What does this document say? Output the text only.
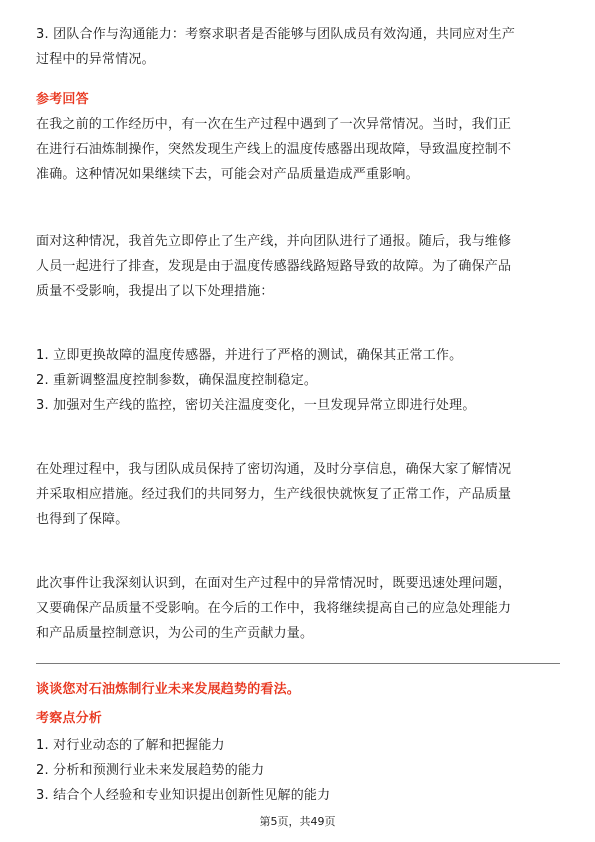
3. 团队合作与沟通能力：考察求职者是否能够与团队成员有效沟通，共同应对生产
过程中的异常情况。
参考回答
在我之前的工作经历中，有一次在生产过程中遇到了一次异常情况。当时，我们正
在进行石油炼制操作，突然发现生产线上的温度传感器出现故障，导致温度控制不
准确。这种情况如果继续下去，可能会对产品质量造成严重影响。
面对这种情况，我首先立即停止了生产线，并向团队进行了通报。随后，我与维修
人员一起进行了排查，发现是由于温度传感器线路短路导致的故障。为了确保产品
质量不受影响，我提出了以下处理措施：
1. 立即更换故障的温度传感器，并进行了严格的测试，确保其正常工作。
2. 重新调整温度控制参数，确保温度控制稳定。
3. 加强对生产线的监控，密切关注温度变化，一旦发现异常立即进行处理。
在处理过程中，我与团队成员保持了密切沟通，及时分享信息，确保大家了解情况
并采取相应措施。经过我们的共同努力，生产线很快就恢复了正常工作，产品质量
也得到了保障。
此次事件让我深刻认识到，在面对生产过程中的异常情况时，既要迅速处理问题，
又要确保产品质量不受影响。在今后的工作中，我将继续提高自己的应急处理能力
和产品质量控制意识，为公司的生产贡献力量。
谈谈您对石油炼制行业未来发展趋势的看法。
考察点分析
1. 对行业动态的了解和把握能力
2. 分析和预测行业未来发展趋势的能力
3. 结合个人经验和专业知识提出创新性见解的能力
第5页，共49页
